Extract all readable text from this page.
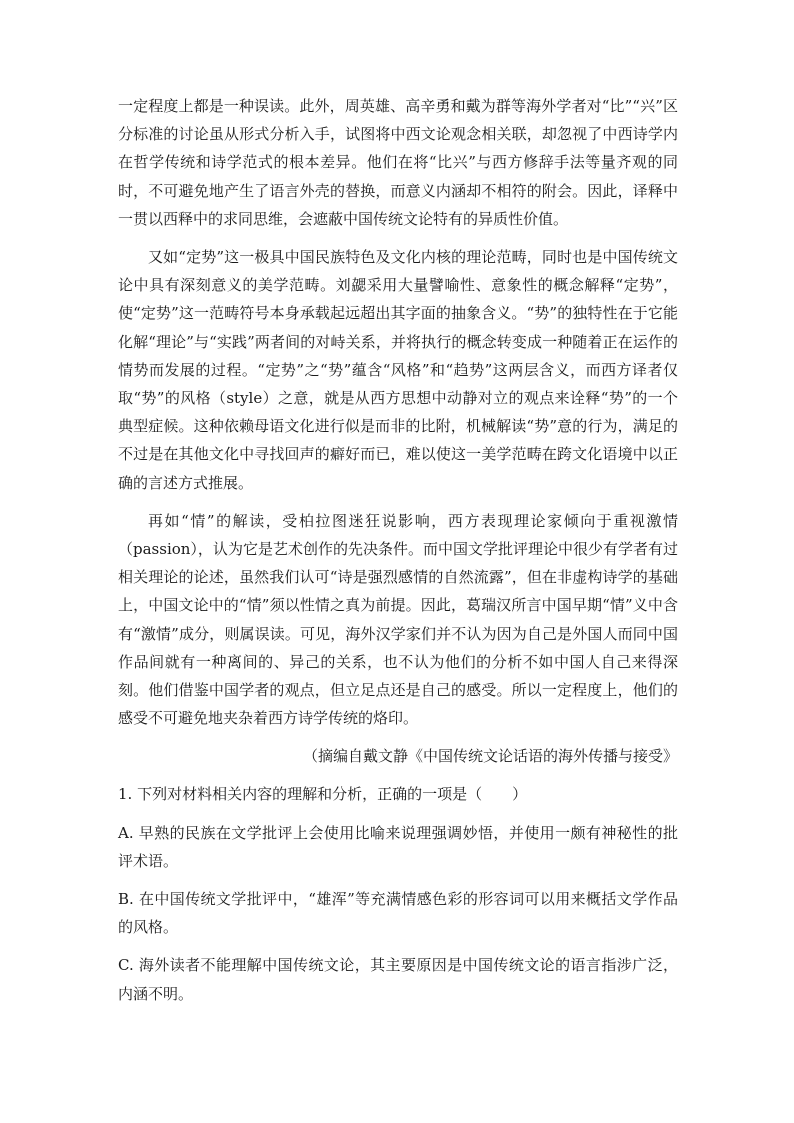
一定程度上都是一种误读。此外，周英雄、高辛勇和戴为群等海外学者对“比”“兴”区分标准的讨论虽从形式分析入手，试图将中西文论观念相关联，却忽视了中西诗学内在哲学传统和诗学范式的根本差异。他们在将“比兴”与西方修辞手法等量齐观的同时，不可避免地产生了语言外壳的替换，而意义内涵却不相符的附会。因此，译释中一贯以西释中的求同思维，会遮蔽中国传统文论特有的异质性价值。

又如“定势”这一极具中国民族特色及文化内核的理论范畴，同时也是中国传统文论中具有深刻意义的美学范畴。刘勰采用大量譬喻性、意象性的概念解释“定势”，使“定势”这一范畴符号本身承载起远超出其字面的抽象含义。“势”的独特性在于它能化解“理论”与“实践”两者间的对峙关系，并将执行的概念转变成一种随着正在运作的情势而发展的过程。“定势”之“势”蕴含“风格”和“趋势”这两层含义，而西方译者仅取“势”的风格（style）之意，就是从西方思想中动静对立的观点来诠释“势”的一个典型症候。这种依赖母语文化进行似是而非的比附，机械解读“势”意的行为，满足的不过是在其他文化中寻找回声的癖好而已，难以使这一美学范畴在跨文化语境中以正确的言述方式推展。

再如“情”的解读，受柏拉图迷狂说影响，西方表现理论家倾向于重视激情（passion），认为它是艺术创作的先决条件。而中国文学批评理论中很少有学者有过相关理论的论述，虽然我们认可“诗是强烈感情的自然流露”，但在非虚构诗学的基础上，中国文论中的“情”须以性情之真为前提。因此，葛瑞汉所言中国早期“情”义中含有“激情”成分，则属误读。可见，海外汉学家们并不认为因为自己是外国人而同中国作品间就有一种离间的、异己的关系，也不认为他们的分析不如中国人自己来得深刻。他们借鉴中国学者的观点，但立足点还是自己的感受。所以一定程度上，他们的感受不可避免地夹杂着西方诗学传统的烙印。

（摘编自戴文静《中国传统文论话语的海外传播与接受》

1. 下列对材料相关内容的理解和分析，正确的一项是（　　）

A. 早熟的民族在文学批评上会使用比喻来说理强调妙悟，并使用一颇有神秘性的批评术语。

B. 在中国传统文学批评中，“雄浑”等充满情感色彩的形容词可以用来概括文学作品的风格。

C. 海外读者不能理解中国传统文论，其主要原因是中国传统文论的语言指涉广泛，内涵不明。
